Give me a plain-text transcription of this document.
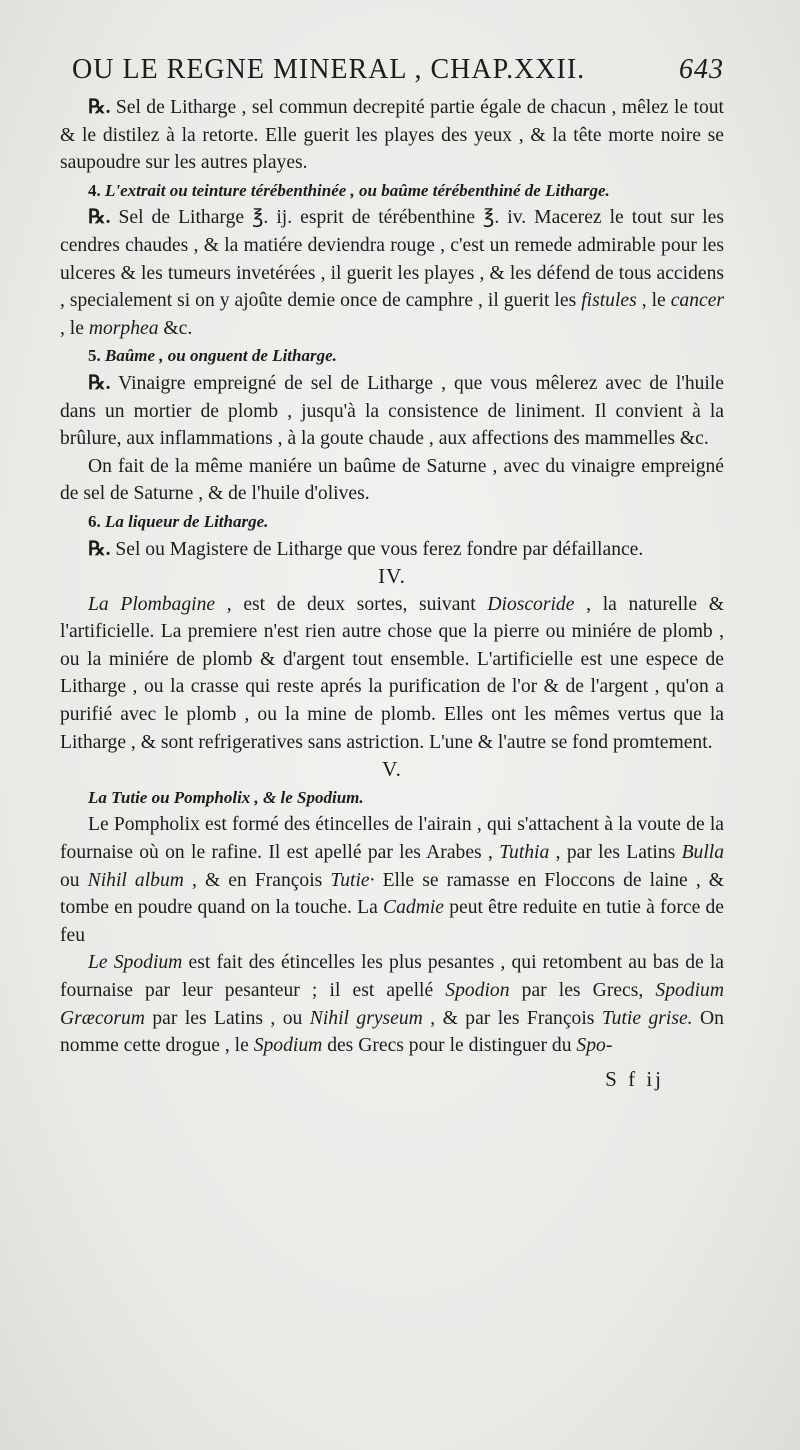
OU LE REGNE MINERAL , CHAP.XXII.	643

℞. Sel de Litharge , sel commun decrepité partie égale de chacun , mêlez le tout & le distilez à la retorte. Elle guerit les playes des yeux , & la tête morte noire se saupoudre sur les autres playes.

4. L'extrait ou teinture térébenthinée , ou baûme térébenthiné de Litharge.

℞. Sel de Litharge ℥. ij. esprit de térébenthine ℥. iv. Macerez le tout sur les cendres chaudes , & la matiére deviendra rouge , c'est un remede admirable pour les ulceres & les tumeurs invetérées , il guerit les playes , & les défend de tous accidens , specialement si on y ajoûte demie once de camphre , il guerit les fistules , le cancer , le morphea &c.

5. Baûme , ou onguent de Litharge.

℞. Vinaigre empreigné de sel de Litharge , que vous mêlerez avec de l'huile dans un mortier de plomb , jusqu'à la consistence de liniment. Il convient à la brûlure, aux inflammations , à la goute chaude , aux affections des mammelles &c.

On fait de la même maniére un baûme de Saturne , avec du vinaigre empreigné de sel de Saturne , & de l'huile d'olives.

6. La liqueur de Litharge.

℞. Sel ou Magistere de Litharge que vous ferez fondre par défaillance.

IV.

La Plombagine , est de deux sortes, suivant Dioscoride , la naturelle & l'artificielle. La premiere n'est rien autre chose que la pierre ou miniére de plomb , ou la miniére de plomb & d'argent tout ensemble. L'artificielle est une espece de Litharge , ou la crasse qui reste aprés la purification de l'or & de l'argent , qu'on a purifié avec le plomb , ou la mine de plomb. Elles ont les mêmes vertus que la Litharge , & sont refrigeratives sans astriction. L'une & l'autre se fond promtement.

V.

La Tutie ou Pompholix , & le Spodium.

Le Pompholix est formé des étincelles de l'airain , qui s'attachent à la voute de la fournaise où on le rafine. Il est apellé par les Arabes , Tuthia , par les Latins Bulla ou Nihil album , & en François Tutie· Elle se ramasse en Floccons de laine , & tombe en poudre quand on la touche. La Cadmie peut être reduite en tutie à force de feu

Le Spodium est fait des étincelles les plus pesantes , qui retombent au bas de la fournaise par leur pesanteur ; il est apellé Spodion par les Grecs, Spodium Græcorum par les Latins , ou Nihil gryseum , & par les François Tutie grise. On nomme cette drogue , le Spodium des Grecs pour le distinguer du Spo-

S f ij
